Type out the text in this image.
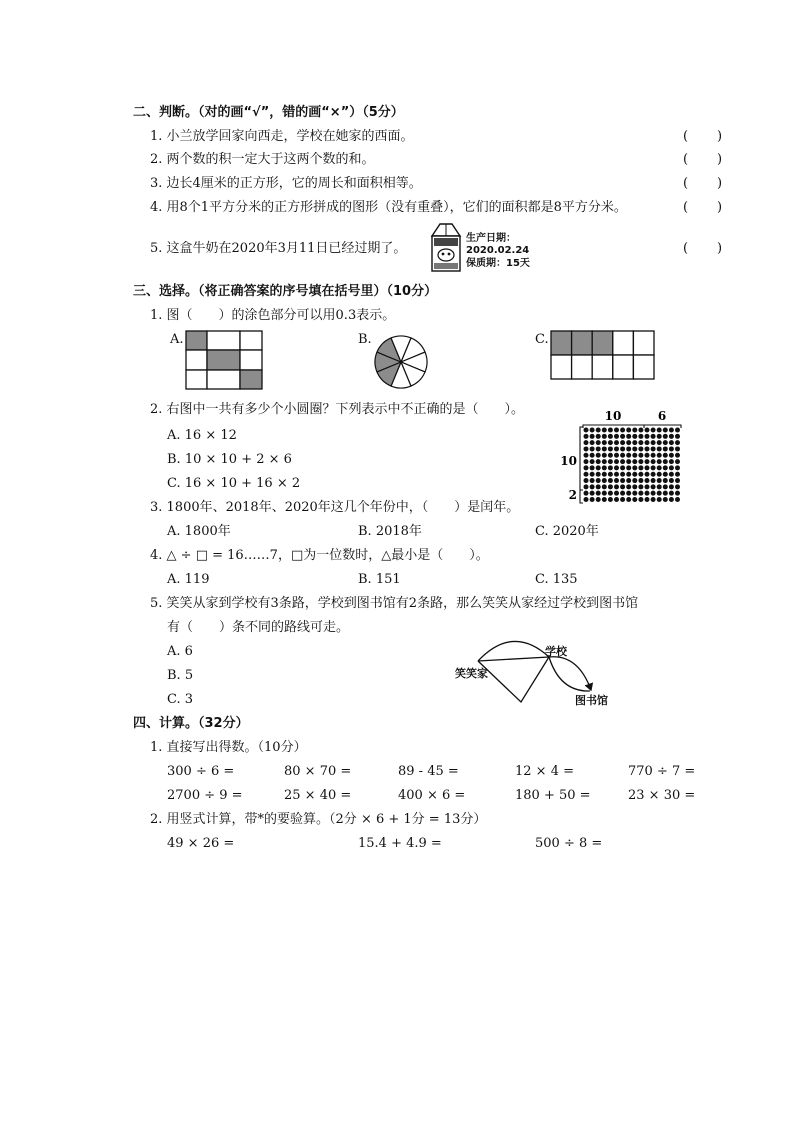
二、判断。（对的画“√”，错的画“×”）（5分）
1. 小兰放学回家向西走，学校在她家的西面。	(       )
2. 两个数的积一定大于这两个数的和。	(       )
3. 边长4厘米的正方形，它的周长和面积相等。	(       )
4. 用8个1平方分米的正方形拼成的图形（没有重叠），它们的面积都是8平方分米。	(       )
5. 这盒牛奶在2020年3月11日已经过期了。	(       )
生产日期：
2020.02.24
保质期：15天
三、选择。（将正确答案的序号填在括号里）（10分）
1. 图（　　）的涂色部分可以用0.3表示。
A.	B.	C.
2. 右图中一共有多少个小圆圈？下列表示中不正确的是（　　）。
A. 16 × 12
B. 10 × 10 + 2 × 6
C. 16 × 10 + 16 × 2
10	6
10
2
3. 1800年、2018年、2020年这几个年份中，（　　）是闰年。
A. 1800年	B. 2018年	C. 2020年
4. △ ÷ □ = 16……7，□为一位数时，△最小是（　　）。
A. 119	B. 151	C. 135
5. 笑笑从家到学校有3条路，学校到图书馆有2条路，那么笑笑从家经过学校到图书馆
有（　　）条不同的路线可走。
A. 6
B. 5
C. 3
笑笑家
学校
图书馆
四、计算。（32分）
1. 直接写出得数。（10分）
300 ÷ 6 =	80 × 70 =	89 - 45 =	12 × 4 =	770 ÷ 7 =
2700 ÷ 9 =	25 × 40 =	400 × 6 =	180 + 50 =	23 × 30 =
2. 用竖式计算，带*的要验算。（2分 × 6 + 1分 = 13分）
49 × 26 =	15.4 + 4.9 =	500 ÷ 8 =
